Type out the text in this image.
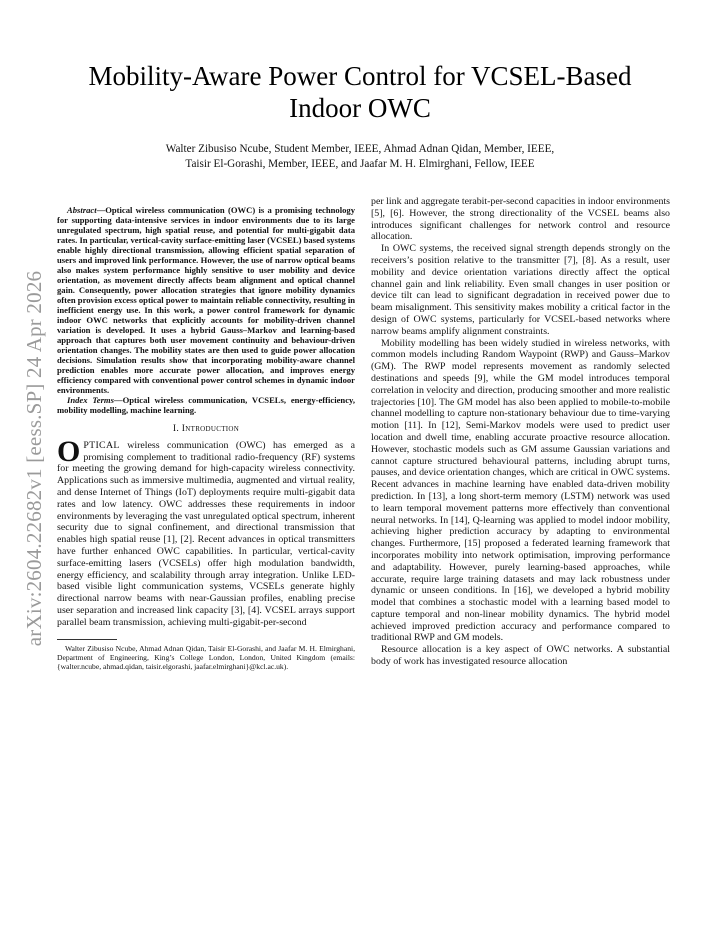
arXiv:2604.22682v1 [eess.SP] 24 Apr 2026
Mobility-Aware Power Control for VCSEL-Based Indoor OWC

Walter Zibusiso Ncube, Student Member, IEEE, Ahmad Adnan Qidan, Member, IEEE,

Taisir El-Gorashi, Member, IEEE, and Jaafar M. H. Elmirghani, Fellow, IEEE

Abstract—Optical wireless communication (OWC) is a promising technology for supporting data-intensive services in indoor environments due to its large unregulated spectrum, high spatial reuse, and potential for multi-gigabit data rates. In particular, vertical-cavity surface-emitting laser (VCSEL) based systems enable highly directional transmission, allowing efficient spatial separation of users and improved link performance. However, the use of narrow optical beams also makes system performance highly sensitive to user mobility and device orientation, as movement directly affects beam alignment and optical channel gain. Consequently, power allocation strategies that ignore mobility dynamics often provision excess optical power to maintain reliable connectivity, resulting in inefficient energy use. In this work, a power control framework for dynamic indoor OWC networks that explicitly accounts for mobility-driven channel variation is developed. It uses a hybrid Gauss–Markov and learning-based approach that captures both user movement continuity and behaviour-driven orientation changes. The mobility states are then used to guide power allocation decisions. Simulation results show that incorporating mobility-aware channel prediction enables more accurate power allocation, and improves energy efficiency compared with conventional power control schemes in dynamic indoor environments.

Index Terms—Optical wireless communication, VCSELs, energy-efficiency, mobility modelling, machine learning.

I. Introduction

OPTICAL wireless communication (OWC) has emerged as a promising complement to traditional radio-frequency (RF) systems for meeting the growing demand for high-capacity wireless connectivity. Applications such as immersive multimedia, augmented and virtual reality, and dense Internet of Things (IoT) deployments require multi-gigabit data rates and low latency. OWC addresses these requirements in indoor environments by leveraging the vast unregulated optical spectrum, inherent security due to signal confinement, and directional transmission that enables high spatial reuse [1], [2]. Recent advances in optical transmitters have further enhanced OWC capabilities. In particular, vertical-cavity surface-emitting lasers (VCSELs) offer high modulation bandwidth, energy efficiency, and scalability through array integration. Unlike LED-based visible light communication systems, VCSELs generate highly directional narrow beams with near-Gaussian profiles, enabling precise user separation and increased link capacity [3], [4]. VCSEL arrays support parallel beam transmission, achieving multi-gigabit-per-second

Walter Zibusiso Ncube, Ahmad Adnan Qidan, Taisir El-Gorashi, and Jaafar M. H. Elmirghani, Department of Engineering, King’s College London, London, United Kingdom (emails: {walter.ncube, ahmad.qidan, taisir.elgorashi, jaafar.elmirghani}@kcl.ac.uk).

per link and aggregate terabit-per-second capacities in indoor environments [5], [6]. However, the strong directionality of the VCSEL beams also introduces significant challenges for network control and resource allocation.

In OWC systems, the received signal strength depends strongly on the receivers’s position relative to the transmitter [7], [8]. As a result, user mobility and device orientation variations directly affect the optical channel gain and link reliability. Even small changes in user position or device tilt can lead to significant degradation in received power due to beam misalignment. This sensitivity makes mobility a critical factor in the design of OWC systems, particularly for VCSEL-based networks where narrow beams amplify alignment constraints.

Mobility modelling has been widely studied in wireless networks, with common models including Random Waypoint (RWP) and Gauss–Markov (GM). The RWP model represents movement as randomly selected destinations and speeds [9], while the GM model introduces temporal correlation in velocity and direction, producing smoother and more realistic trajectories [10]. The GM model has also been applied to mobile-to-mobile channel modelling to capture non-stationary behaviour due to time-varying motion [11]. In [12], Semi-Markov models were used to predict user location and dwell time, enabling accurate proactive resource allocation. However, stochastic models such as GM assume Gaussian variations and cannot capture structured behavioural patterns, including abrupt turns, pauses, and device orientation changes, which are critical in OWC systems. Recent advances in machine learning have enabled data-driven mobility prediction. In [13], a long short-term memory (LSTM) network was used to learn temporal movement patterns more effectively than conventional neural networks. In [14], Q-learning was applied to model indoor mobility, achieving higher prediction accuracy by adapting to environmental changes. Furthermore, [15] proposed a federated learning framework that incorporates mobility into network optimisation, improving performance and adaptability. However, purely learning-based approaches, while accurate, require large training datasets and may lack robustness under dynamic or unseen conditions. In [16], we developed a hybrid mobility model that combines a stochastic model with a learning based model to capture temporal and non-linear mobility dynamics. The hybrid model achieved improved prediction accuracy and performance compared to traditional RWP and GM models.

Resource allocation is a key aspect of OWC networks. A substantial body of work has investigated resource allocation
